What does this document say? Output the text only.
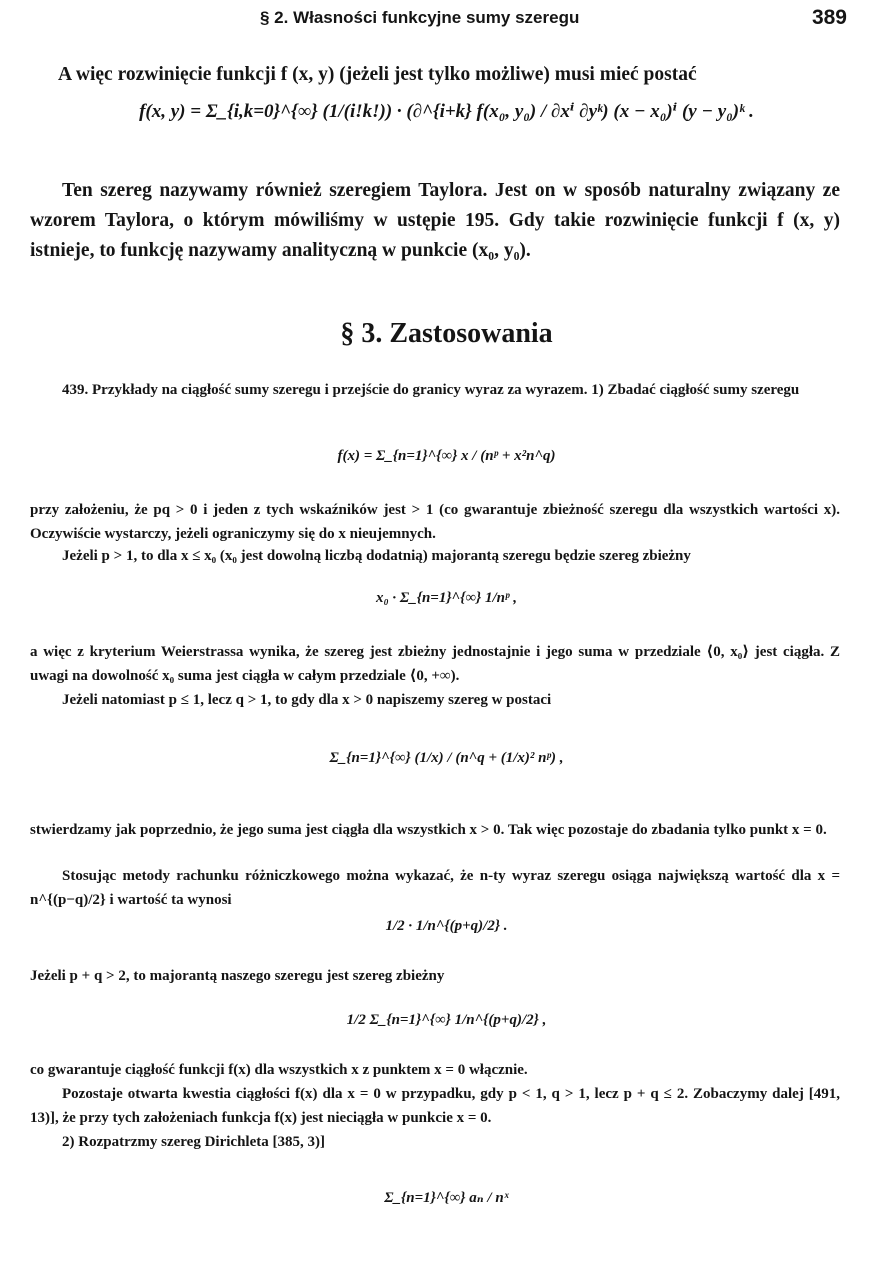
§ 2. Własności funkcyjne sumy szeregu	389
A więc rozwinięcie funkcji f (x, y) (jeżeli jest tylko możliwe) musi mieć postać
f(x, y) = Σ_{i,k=0}^{∞} (1/(i!k!)) · (∂^{i+k} f(x₀, y₀) / ∂xⁱ ∂yᵏ) (x − x₀)ⁱ (y − y₀)ᵏ .
Ten szereg nazywamy również szeregiem Taylora. Jest on w sposób naturalny związany ze wzorem Taylora, o którym mówiliśmy w ustępie 195. Gdy takie rozwinięcie funkcji f (x, y) istnieje, to funkcję nazywamy analityczną w punkcie (x₀, y₀).
§ 3. Zastosowania
439. Przykłady na ciągłość sumy szeregu i przejście do granicy wyraz za wyrazem. 1) Zbadać ciągłość sumy szeregu
f(x) = Σ_{n=1}^{∞} x / (nᵖ + x²n^q)
przy założeniu, że pq > 0 i jeden z tych wskaźników jest > 1 (co gwarantuje zbieżność szeregu dla wszystkich wartości x). Oczywiście wystarczy, jeżeli ograniczymy się do x nieujemnych.
Jeżeli p > 1, to dla x ≤ x₀ (x₀ jest dowolną liczbą dodatnią) majorantą szeregu będzie szereg zbieżny
x₀ · Σ_{n=1}^{∞} 1/nᵖ ,
a więc z kryterium Weierstrassa wynika, że szereg jest zbieżny jednostajnie i jego suma w przedziale ⟨0, x₀⟩ jest ciągła. Z uwagi na dowolność x₀ suma jest ciągła w całym przedziale ⟨0, +∞).
Jeżeli natomiast p ≤ 1, lecz q > 1, to gdy dla x > 0 napiszemy szereg w postaci
Σ_{n=1}^{∞} (1/x) / (n^q + (1/x)² nᵖ) ,
stwierdzamy jak poprzednio, że jego suma jest ciągła dla wszystkich x > 0. Tak więc pozostaje do zbadania tylko punkt x = 0.
Stosując metody rachunku różniczkowego można wykazać, że n-ty wyraz szeregu osiąga największą wartość dla x = n^{(p−q)/2} i wartość ta wynosi
1/2 · 1/n^{(p+q)/2} .
Jeżeli p + q > 2, to majorantą naszego szeregu jest szereg zbieżny
1/2 Σ_{n=1}^{∞} 1/n^{(p+q)/2} ,
co gwarantuje ciągłość funkcji f(x) dla wszystkich x z punktem x = 0 włącznie.
Pozostaje otwarta kwestia ciągłości f(x) dla x = 0 w przypadku, gdy p < 1, q > 1, lecz p + q ≤ 2. Zobaczymy dalej [491, 13)], że przy tych założeniach funkcja f(x) jest nieciągła w punkcie x = 0.
2) Rozpatrzmy szereg Dirichleta [385, 3)]
Σ_{n=1}^{∞} aₙ / nˣ
